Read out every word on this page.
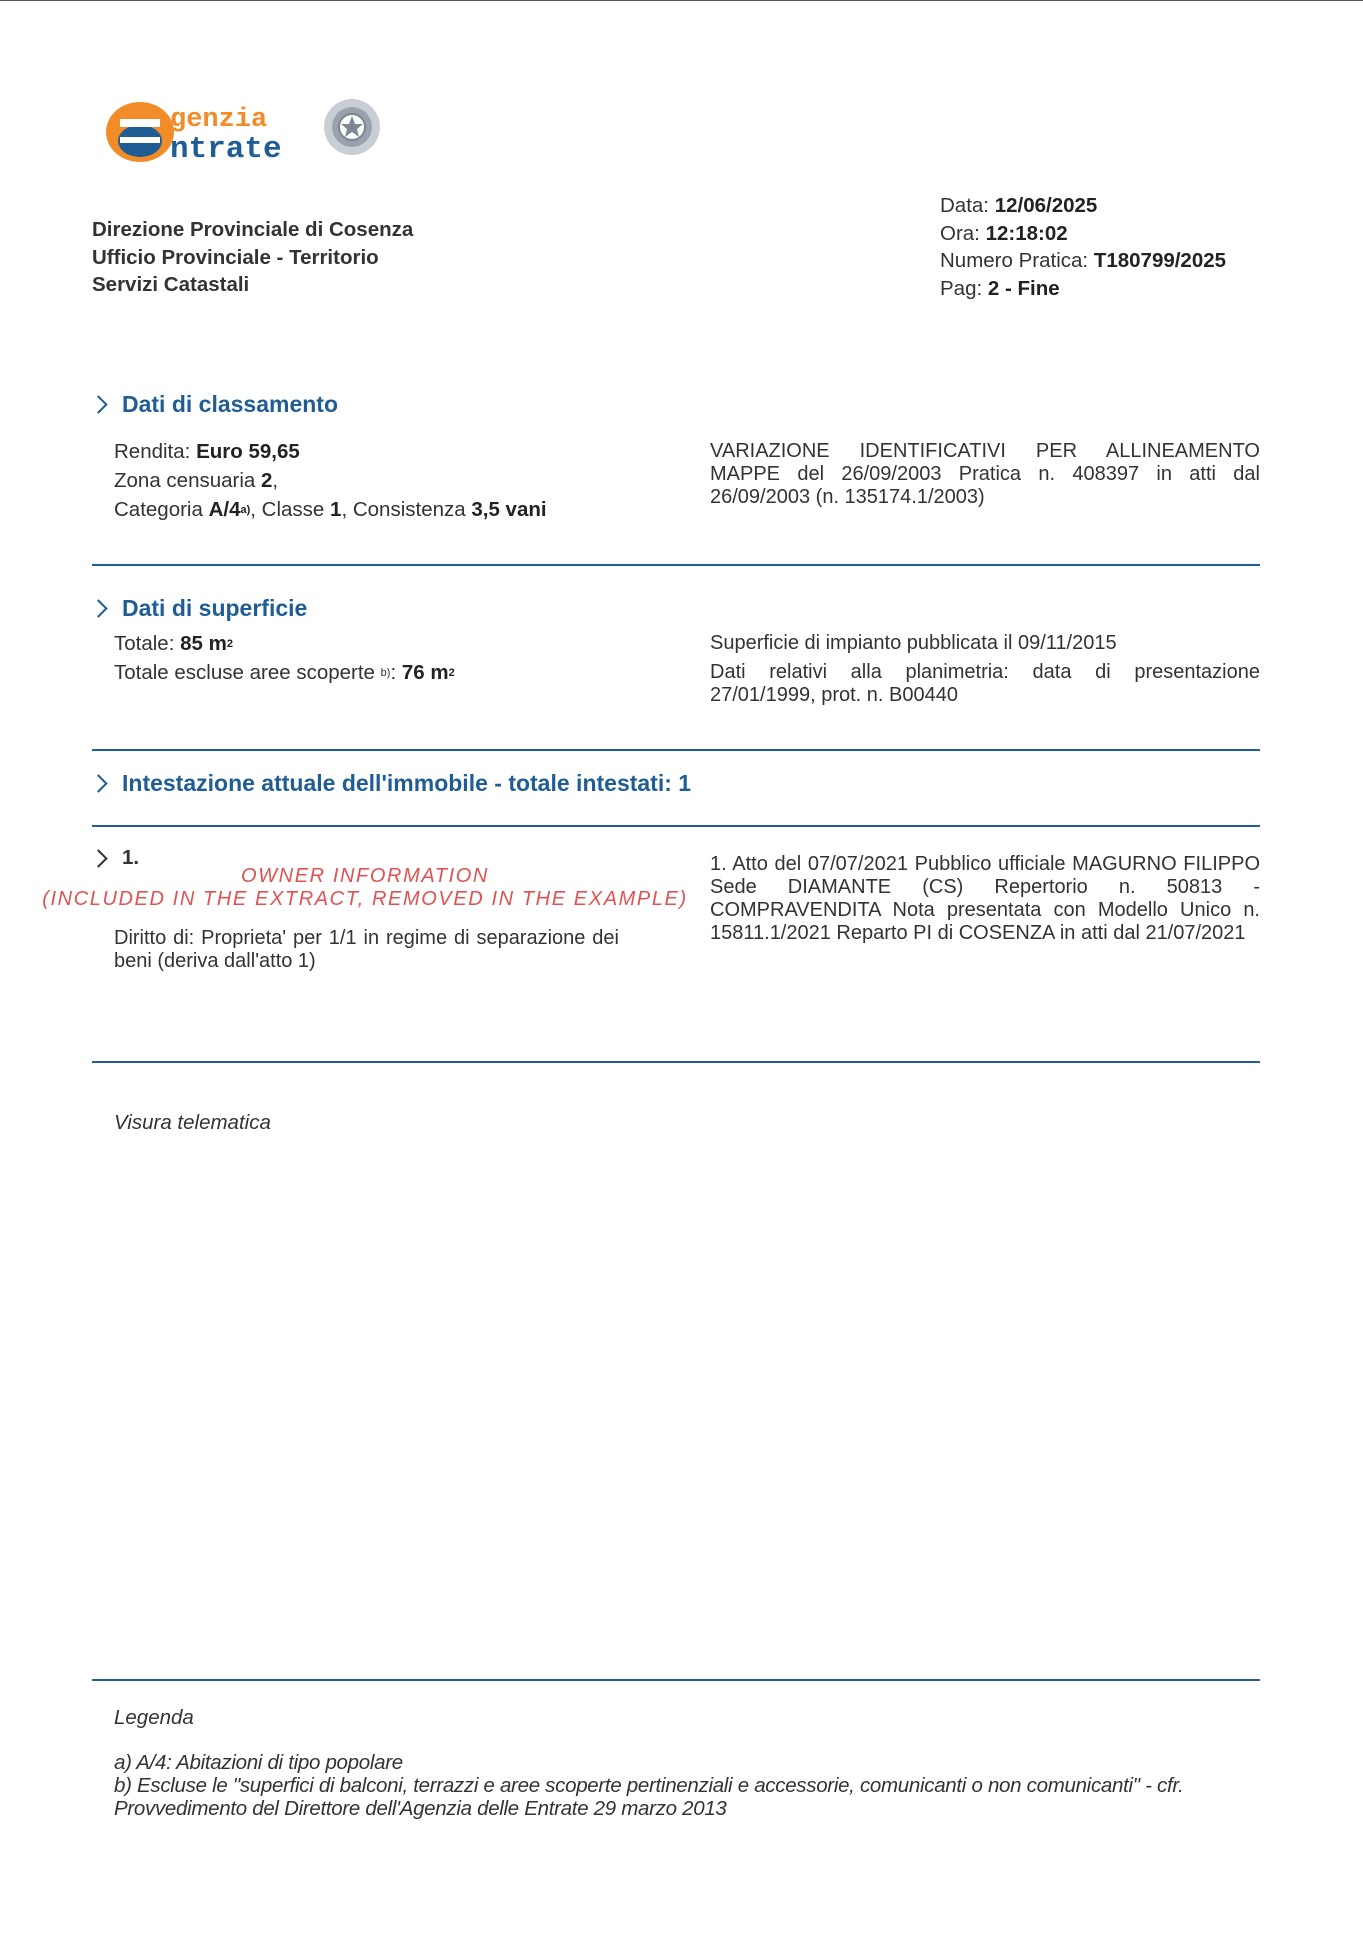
genzia
ntrate
Direzione Provinciale di Cosenza
Ufficio Provinciale - Territorio
Servizi Catastali
Data: 12/06/2025
Ora: 12:18:02
Numero Pratica: T180799/2025
Pag: 2 - Fine
Dati di classamento
Rendita: Euro 59,65
Zona censuaria 2,
Categoria A/4$^{a)}$, Classe 1, Consistenza 3,5 vani
VARIAZIONE IDENTIFICATIVI PER ALLINEAMENTO MAPPE del 26/09/2003 Pratica n. 408397 in atti dal 26/09/2003 (n. 135174.1/2003)
Dati di superficie
Totale: 85 $m^2$
Totale escluse aree scoperte $^{b)}$: 76 $m^2$
Superficie di impianto pubblicata il 09/11/2015
Dati relativi alla planimetria: data di presentazione 27/01/1999, prot. n. B00440
Intestazione attuale dell'immobile - totale intestati: 1
1.
OWNER INFORMATION
(INCLUDED IN THE EXTRACT, REMOVED IN THE EXAMPLE)
Diritto di: Proprieta' per 1/1 in regime di separazione dei beni (deriva dall'atto 1)
1. Atto del 07/07/2021 Pubblico ufficiale MAGURNO FILIPPO Sede DIAMANTE (CS) Repertorio n. 50813 - COMPRAVENDITA Nota presentata con Modello Unico n. 15811.1/2021 Reparto PI di COSENZA in atti dal 21/07/2021
Visura telematica
Legenda
a) A/4: Abitazioni di tipo popolare
b) Escluse le "superfici di balconi, terrazzi e aree scoperte pertinenziali e accessorie, comunicanti o non comunicanti" - cfr. Provvedimento del Direttore dell'Agenzia delle Entrate 29 marzo 2013
